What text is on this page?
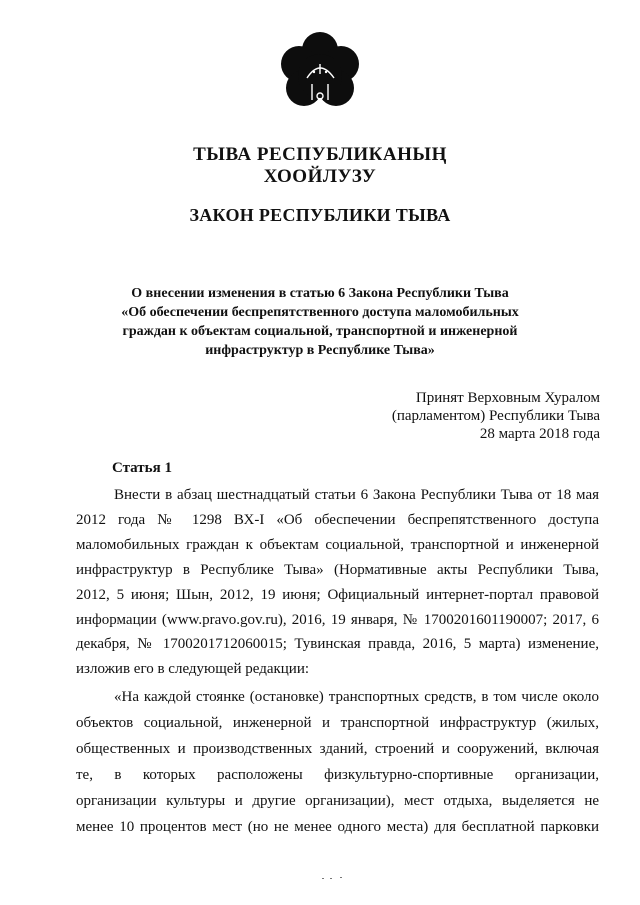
ТЫВА РЕСПУБЛИКАНЫҢ
ХООЙЛУЗУ
ЗАКОН РЕСПУБЛИКИ ТЫВА
О внесении изменения в статью 6 Закона Республики Тыва
«Об обеспечении беспрепятственного доступа маломобильных
граждан к объектам социальной, транспортной и инженерной
инфраструктур в Республике Тыва»
Принят Верховным Хуралом
(парламентом) Республики Тыва
28 марта 2018 года
Статья 1
Внести в абзац шестнадцатый статьи 6 Закона Республики Тыва от 18 мая
2012 года № 1298 ВХ-I «Об обеспечении беспрепятственного доступа
маломобильных граждан к объектам социальной, транспортной и инженерной
инфраструктур в Республике Тыва» (Нормативные акты Республики Тыва,
2012, 5 июня; Шын, 2012, 19 июня; Официальный интернет-портал правовой
информации (www.pravo.gov.ru), 2016, 19 января, № 1700201601190007; 2017, 6
декабря, № 1700201712060015; Тувинская правда, 2016, 5 марта) изменение,
изложив его в следующей редакции:
«На каждой стоянке (остановке) транспортных средств, в том числе около
объектов социальной, инженерной и транспортной инфраструктур (жилых,
общественных и производственных зданий, строений и сооружений, включая
те, в которых расположены физкультурно-спортивные организации,
организации культуры и другие организации), мест отдыха, выделяется не
менее 10 процентов мест (но не менее одного места) для бесплатной парковки
